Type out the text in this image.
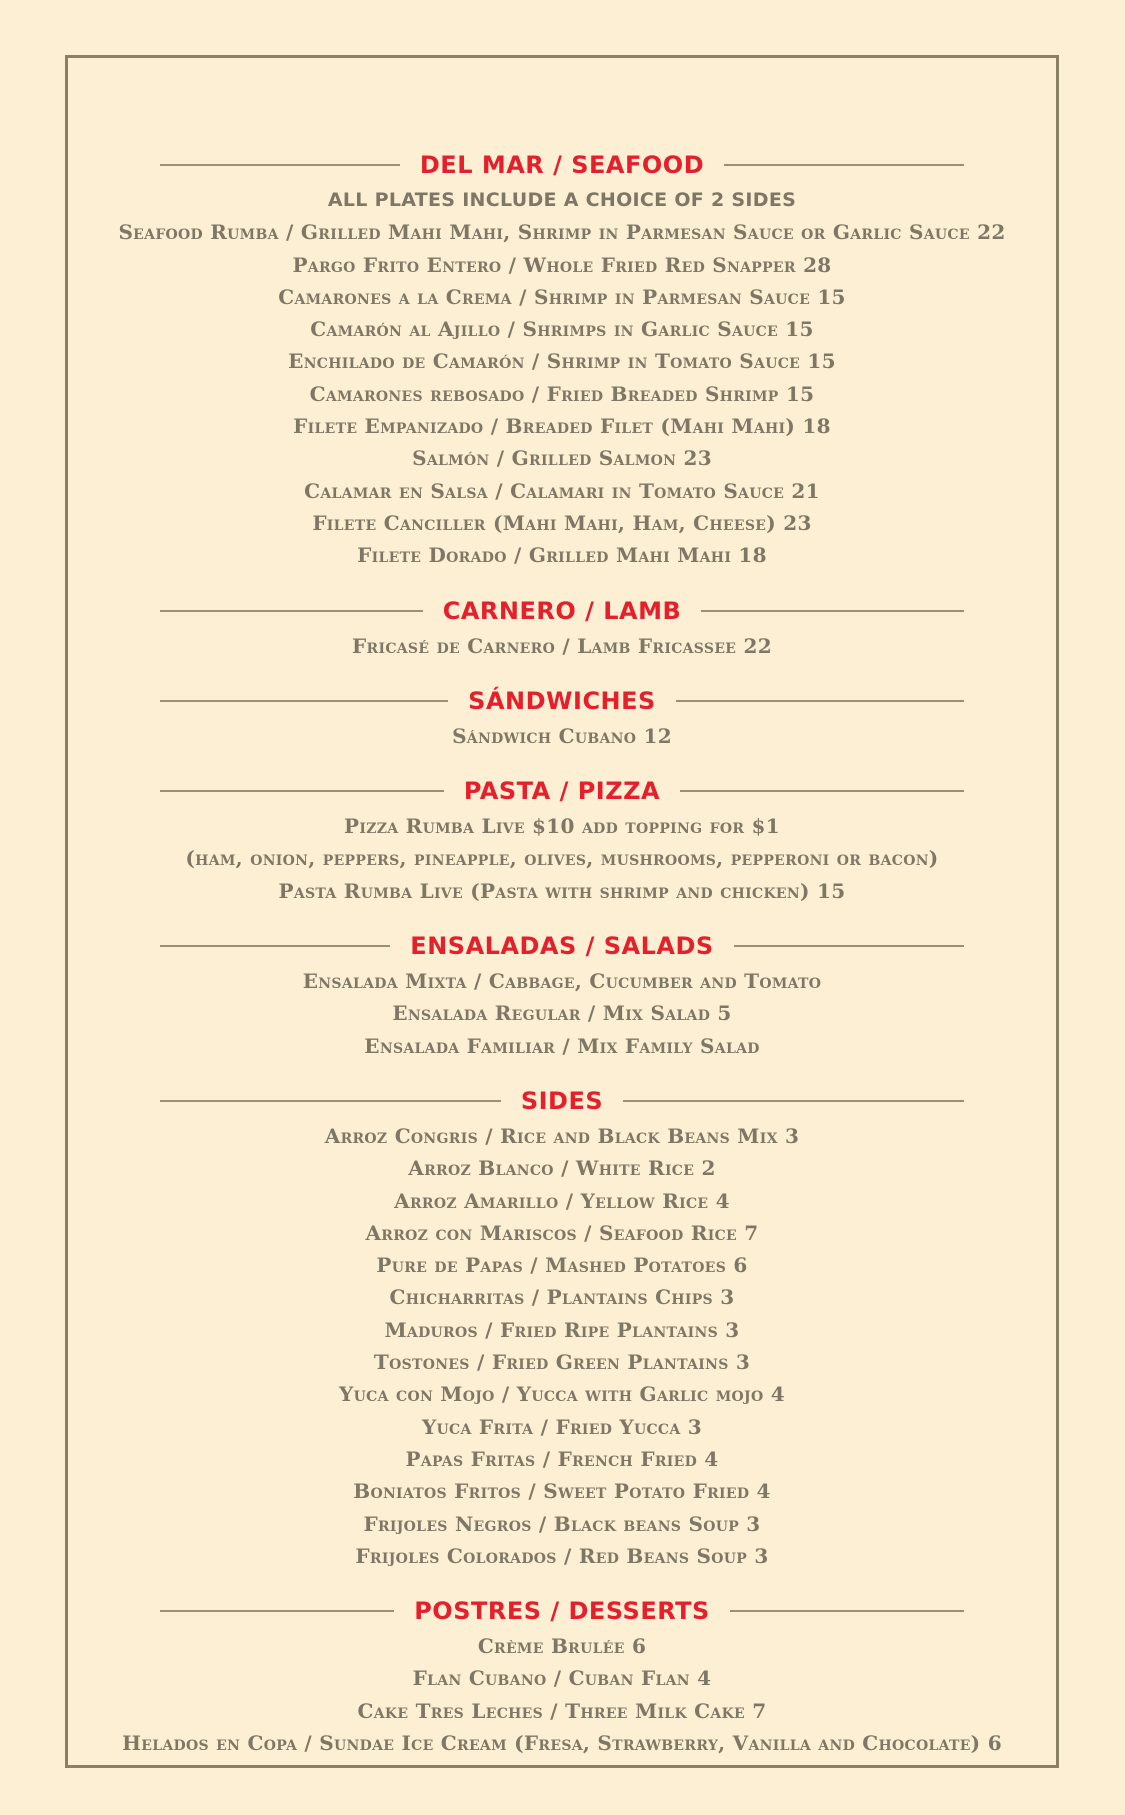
DEL MAR / SEAFOOD
ALL PLATES INCLUDE A CHOICE OF 2 SIDES
Seafood Rumba / Grilled Mahi Mahi, Shrimp in Parmesan Sauce or Garlic Sauce 22
Pargo Frito Entero / Whole Fried Red Snapper 28
Camarones a la Crema / Shrimp in Parmesan Sauce 15
Camarón al Ajillo / Shrimps in Garlic Sauce 15
Enchilado de Camarón / Shrimp in Tomato Sauce 15
Camarones rebosado / Fried Breaded Shrimp 15
Filete Empanizado / Breaded Filet (Mahi Mahi) 18
Salmón / Grilled Salmon 23
Calamar en Salsa / Calamari in Tomato Sauce 21
Filete Canciller (Mahi Mahi, Ham, Cheese) 23
Filete Dorado / Grilled Mahi Mahi 18
CARNERO / LAMB
Fricasé de Carnero / Lamb Fricassee 22
SÁNDWICHES
Sándwich Cubano 12
PASTA / PIZZA
Pizza Rumba Live $10 add topping for $1
(ham, onion, peppers, pineapple, olives, mushrooms, pepperoni or bacon)
Pasta Rumba Live (Pasta with shrimp and chicken) 15
ENSALADAS / SALADS
Ensalada Mixta / Cabbage, Cucumber and Tomato
Ensalada Regular / Mix Salad 5
Ensalada Familiar / Mix Family Salad
SIDES
Arroz Congris / Rice and Black Beans Mix 3
Arroz Blanco / White Rice 2
Arroz Amarillo / Yellow Rice 4
Arroz con Mariscos / Seafood Rice 7
Pure de Papas / Mashed Potatoes 6
Chicharritas / Plantains Chips 3
Maduros / Fried Ripe Plantains 3
Tostones / Fried Green Plantains 3
Yuca con Mojo / Yucca with Garlic mojo 4
Yuca Frita / Fried Yucca 3
Papas Fritas / French Fried 4
Boniatos Fritos / Sweet Potato Fried 4
Frijoles Negros / Black beans Soup 3
Frijoles Colorados / Red Beans Soup 3
POSTRES / DESSERTS
Crème Brulée 6
Flan Cubano / Cuban Flan 4
Cake Tres Leches / Three Milk Cake 7
Helados en Copa / Sundae Ice Cream (Fresa, Strawberry, Vanilla and Chocolate) 6
